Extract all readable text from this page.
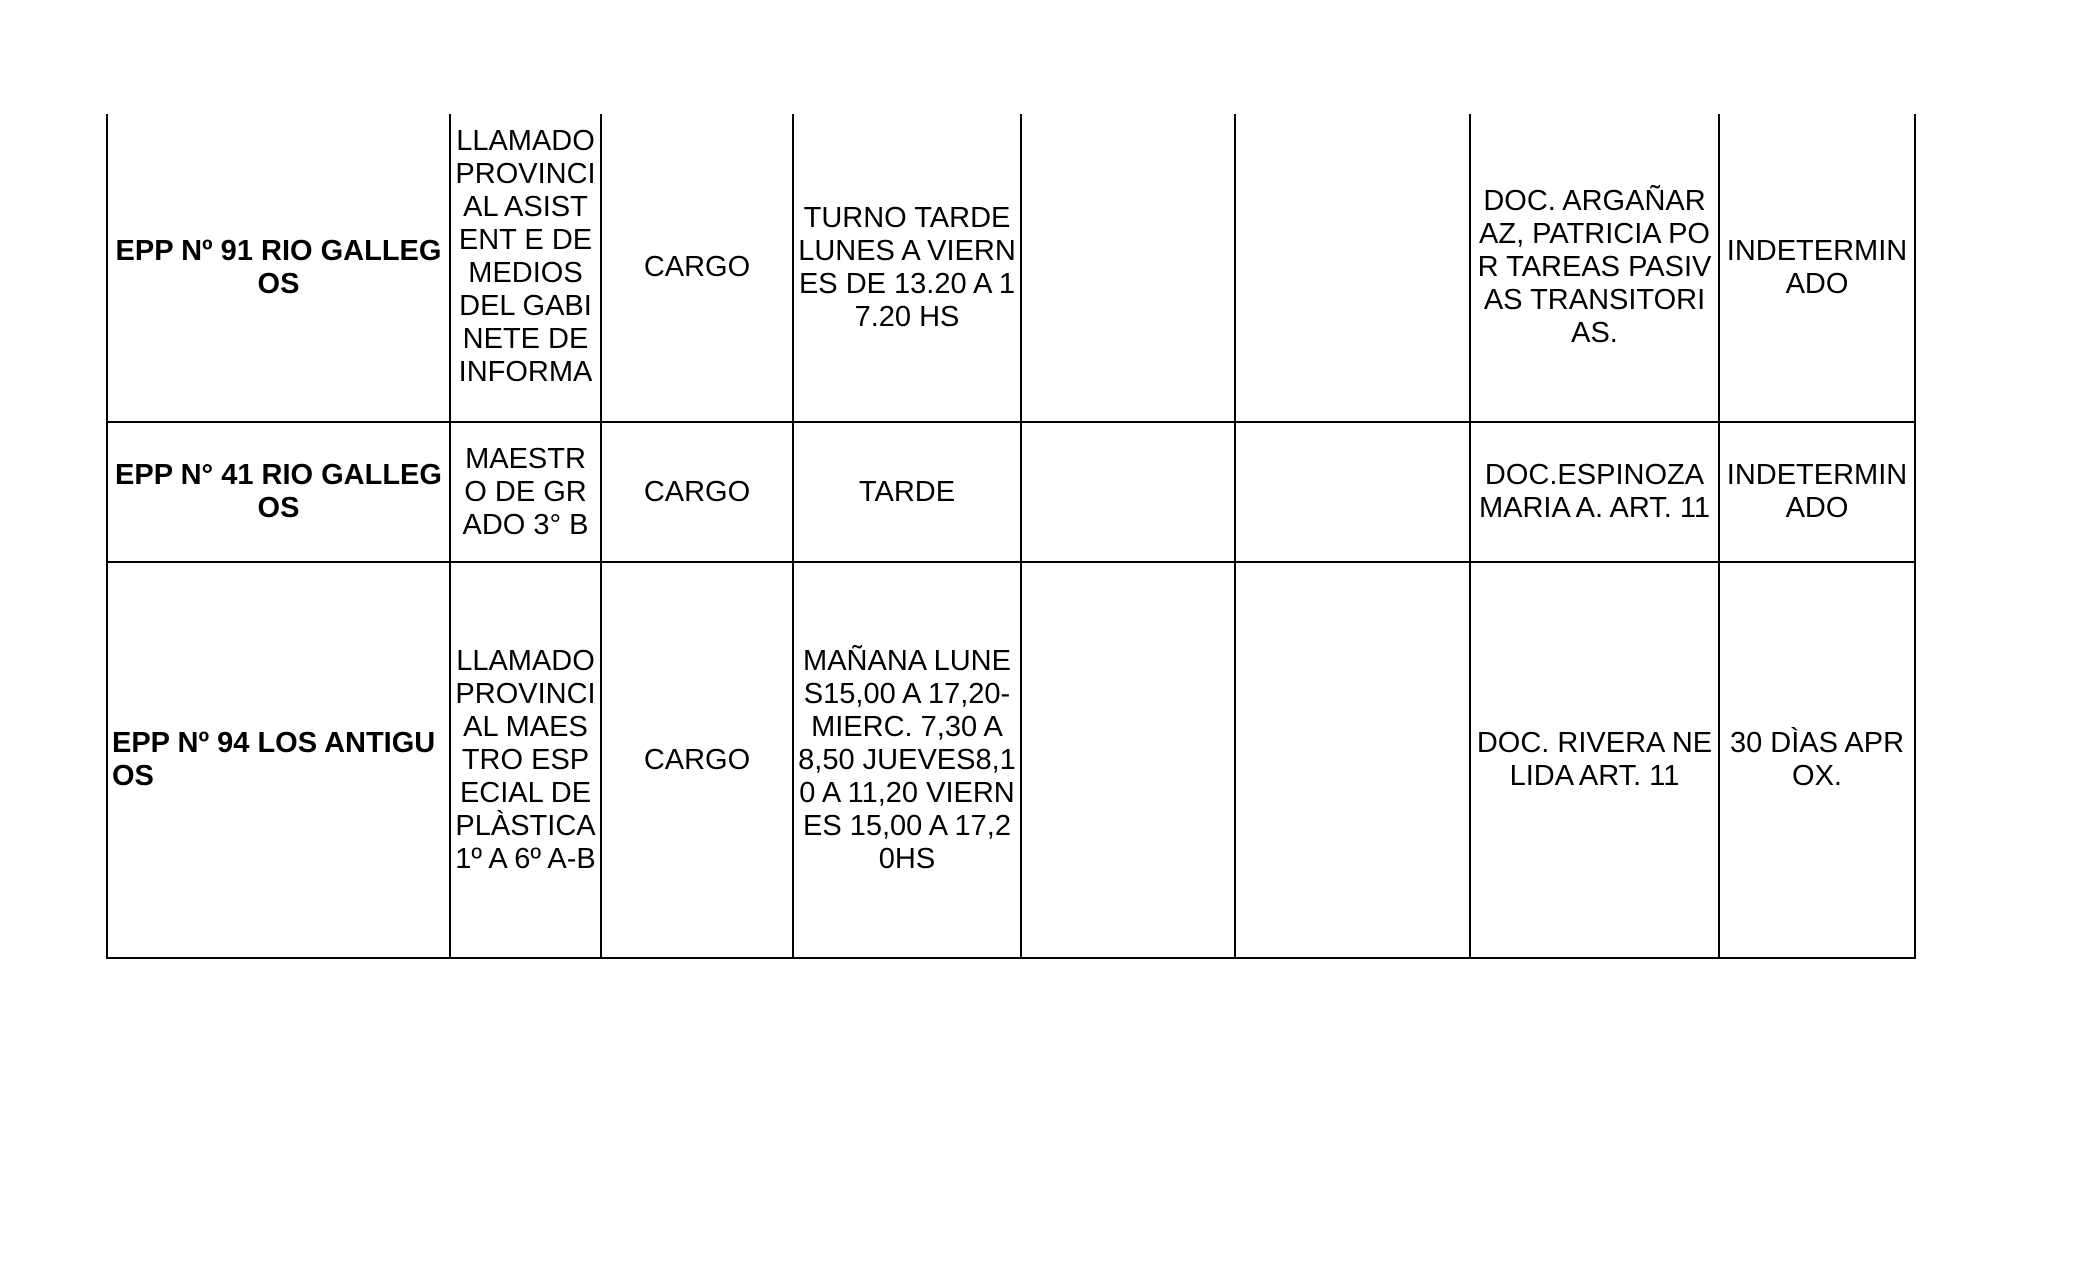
EPP Nº 91 RIO GALLEGOS	LLAMADO PROVINCI AL ASISTENT E DE MEDIOS DEL GABINETE DE INFORMA	CARGO	TURNO TARDE LUNES A VIERNES DE 13.20 A 17.20 HS			DOC. ARGAÑARAZ, PATRICIA POR TAREAS PASIVAS TRANSITORIAS.	INDETERMIN ADO
EPP N° 41 RIO GALLEGOS	MAESTRO DE GRADO 3° B	CARGO	TARDE			DOC.ESPINOZA MARIA A. ART. 11	INDETERMIN ADO
EPP Nº 94 LOS ANTIGUOS	LLAMADO PROVINCI AL MAESTRO ESPECIAL DE PLÀSTICA 1º A 6º A-B	CARGO	MAÑANA LUNES15,00 A 17,20-MIERC. 7,30 A 8,50 JUEVES8,10 A 11,20 VIERNES 15,00 A 17,20HS			DOC. RIVERA NELIDA ART. 11	30 DÌAS APROX.
